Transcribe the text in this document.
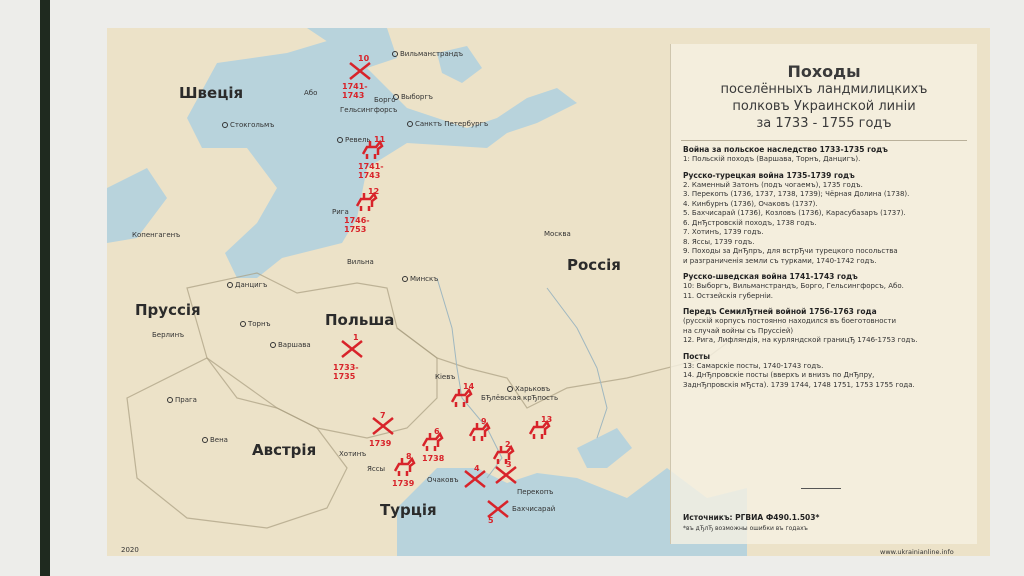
Швецiя
Россiя
Пруссiя
Польша
Австрiя
Турцiя
Вильманстрандъ
Або	Выборгъ
Борго
Гельсингфорсъ
Стокгольмъ	Санктъ Петербургъ
Ревель
Рига
Копенгагенъ	Москва
Вильна
Минскъ
Данцигъ
Торнъ
Берлинъ
Варшава
Кiевъ
БЂлёвская крЂпость
Харьковъ
Прага
Вена
Хотинъ
Яссы
Очаковъ
Перекопъ
Бахчисарай
10
1741-1743
11
1741-1743
12
1746-1753
1
1733-1735
14
7
1739
6
1738
8
1739
9
2
13
4	3
5
Походы
поселённыхъ ландмилицкихъ
полковъ Украинской линiи
за 1733 - 1755 годъ
Война за польское наследство 1733-1735 годъ
1: Польскiй походъ (Варшава, Торнъ, Данцигъ).
Русско-турецкая война 1735-1739 годъ
2. Каменный Затонъ (подъ чогаемъ), 1735 годъ.
3. Перекопъ (1736, 1737, 1738, 1739); Чёрная Долина (1738).
4. Кинбурнъ (1736), Очаковъ (1737).
5. Бахчисарай (1736), Козловъ (1736), Карасубазаръ (1737).
6. ДнЂстровскiй походъ, 1738 годъ.
7. Хотинъ, 1739 годъ.
8. Яссы, 1739 годъ.
9. Походы за ДнЂпръ, для встрЂчи турецкого посольства
и разграниченiя земли съ турками, 1740-1742 годъ.
Русско-шведская война 1741-1743 годъ
10: Выборгъ, Вильманстрандъ, Борго, Гельсингфорсъ, Або.
11. Остзейскiя губернiи.
Передъ СемилЂтней войной 1756-1763 года
(русскiй корпусъ постоянно находился въ боеготовности
на случай войны съ Пруссiей)
12. Рига, Лифляндiя, на курляндской границЂ 1746-1753 годъ.
Посты
13: Самарскiе посты, 1740-1743 годъ.
14. ДнЂпровскiе посты (вверхъ и внизъ по ДнЂпру,
ЗаднЂпровскiя мЂста). 1739 1744, 1748 1751, 1753 1755 года.
Источникъ: РГВИА Ф490.1.503*
*въ дЂлЂ возможны ошибки въ годахъ
2020	www.ukrainianline.info
